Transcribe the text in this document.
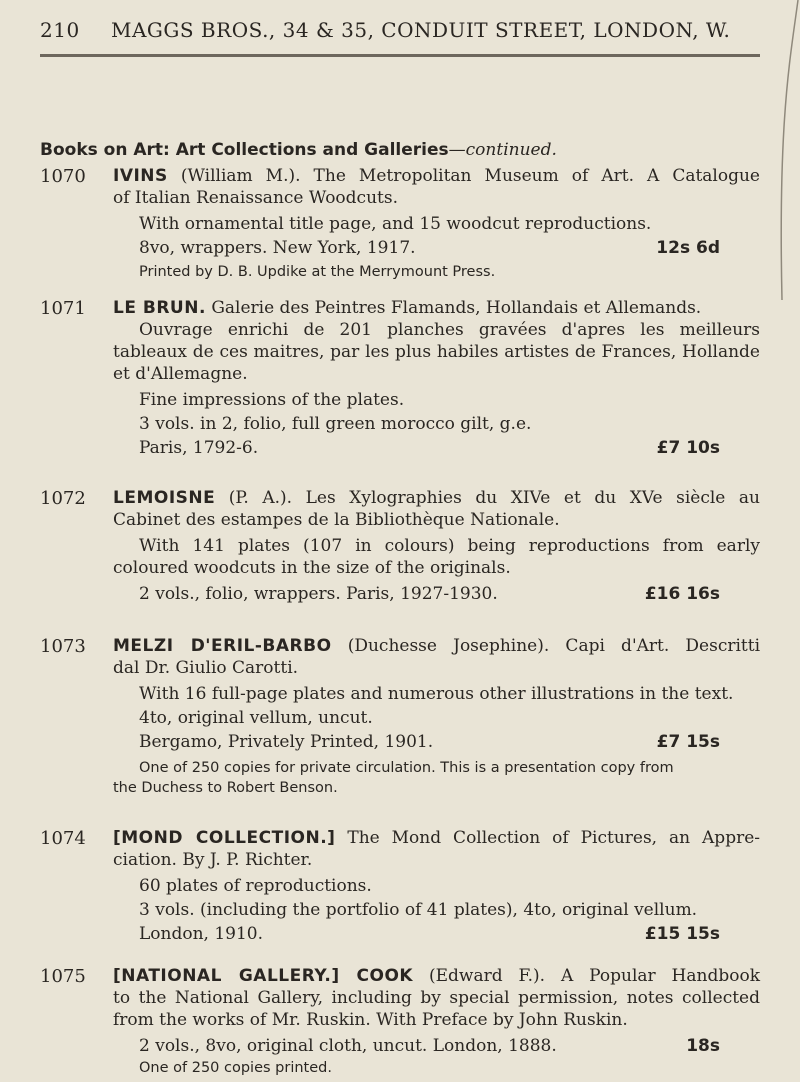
210 MAGGS BROS., 34 & 35, CONDUIT STREET, LONDON, W.
Books on Art: Art Collections and Galleries—continued.
1070 IVINS (William M.). The Metropolitan Museum of Art. A Catalogue
of Italian Renaissance Woodcuts.
With ornamental title page, and 15 woodcut reproductions.
8vo, wrappers. New York, 1917.	12s 6d
Printed by D. B. Updike at the Merrymount Press.
1071 LE BRUN. Galerie des Peintres Flamands, Hollandais et Allemands.
Ouvrage enrichi de 201 planches gravées d'apres les meilleurs
tableaux de ces maitres, par les plus habiles artistes de Frances, Hollande
et d'Allemagne.
Fine impressions of the plates.
3 vols. in 2, folio, full green morocco gilt, g.e.
Paris, 1792-6.	£7 10s
1072 LEMOISNE (P. A.). Les Xylographies du XIVe et du XVe siècle au
Cabinet des estampes de la Bibliothèque Nationale.
With 141 plates (107 in colours) being reproductions from early
coloured woodcuts in the size of the originals.
2 vols., folio, wrappers. Paris, 1927-1930.	£16 16s
1073 MELZI D'ERIL-BARBO (Duchesse Josephine). Capi d'Art. Descritti
dal Dr. Giulio Carotti.
With 16 full-page plates and numerous other illustrations in the text.
4to, original vellum, uncut.
Bergamo, Privately Printed, 1901.	£7 15s
One of 250 copies for private circulation. This is a presentation copy from
the Duchess to Robert Benson.
1074 [MOND COLLECTION.] The Mond Collection of Pictures, an Appre-
ciation. By J. P. Richter.
60 plates of reproductions.
3 vols. (including the portfolio of 41 plates), 4to, original vellum.
London, 1910.	£15 15s
1075 [NATIONAL GALLERY.] COOK (Edward F.). A Popular Handbook
to the National Gallery, including by special permission, notes collected
from the works of Mr. Ruskin. With Preface by John Ruskin.
2 vols., 8vo, original cloth, uncut. London, 1888.	18s
One of 250 copies printed.
